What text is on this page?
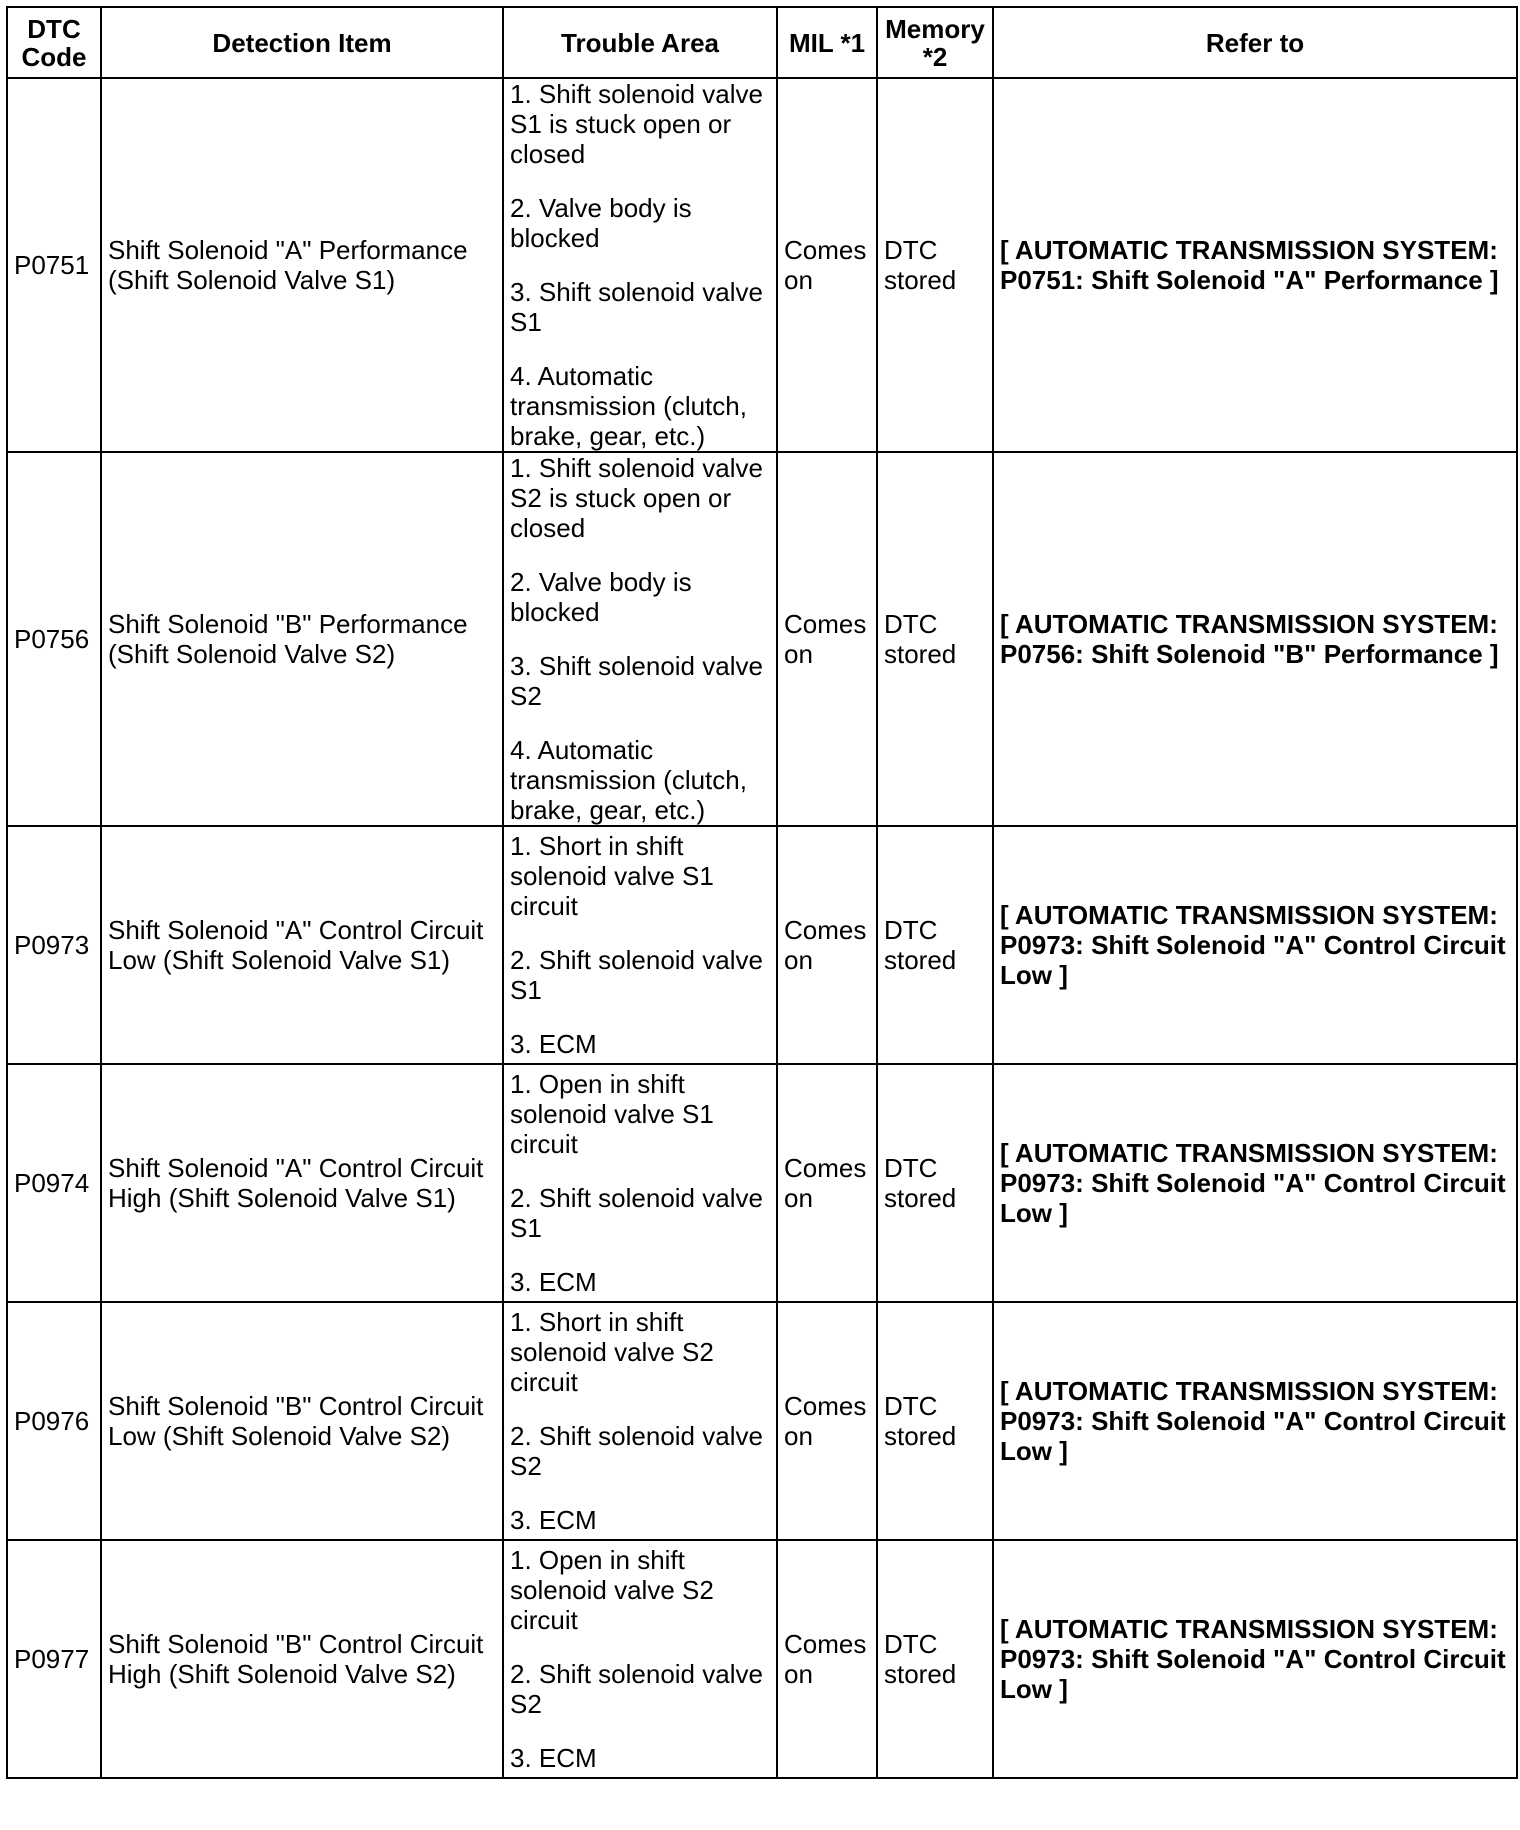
DTC Code	Detection Item	Trouble Area	MIL *1	Memory *2	Refer to
P0751	Shift Solenoid "A" Performance (Shift Solenoid Valve S1)	1. Shift solenoid valve S1 is stuck open or closed

2. Valve body is blocked

3. Shift solenoid valve S1

4. Automatic transmission (clutch, brake, gear, etc.)	Comes on	DTC stored	[ AUTOMATIC TRANSMISSION SYSTEM: P0751: Shift Solenoid "A" Performance ]
P0756	Shift Solenoid "B" Performance (Shift Solenoid Valve S2)	1. Shift solenoid valve S2 is stuck open or closed

2. Valve body is blocked

3. Shift solenoid valve S2

4. Automatic transmission (clutch, brake, gear, etc.)	Comes on	DTC stored	[ AUTOMATIC TRANSMISSION SYSTEM: P0756: Shift Solenoid "B" Performance ]
P0973	Shift Solenoid "A" Control Circuit Low (Shift Solenoid Valve S1)	1. Short in shift solenoid valve S1 circuit

2. Shift solenoid valve S1

3. ECM	Comes on	DTC stored	[ AUTOMATIC TRANSMISSION SYSTEM: P0973: Shift Solenoid "A" Control Circuit Low ]
P0974	Shift Solenoid "A" Control Circuit High (Shift Solenoid Valve S1)	1. Open in shift solenoid valve S1 circuit

2. Shift solenoid valve S1

3. ECM	Comes on	DTC stored	[ AUTOMATIC TRANSMISSION SYSTEM: P0973: Shift Solenoid "A" Control Circuit Low ]
P0976	Shift Solenoid "B" Control Circuit Low (Shift Solenoid Valve S2)	1. Short in shift solenoid valve S2 circuit

2. Shift solenoid valve S2

3. ECM	Comes on	DTC stored	[ AUTOMATIC TRANSMISSION SYSTEM: P0973: Shift Solenoid "A" Control Circuit Low ]
P0977	Shift Solenoid "B" Control Circuit High (Shift Solenoid Valve S2)	1. Open in shift solenoid valve S2 circuit

2. Shift solenoid valve S2

3. ECM	Comes on	DTC stored	[ AUTOMATIC TRANSMISSION SYSTEM: P0973: Shift Solenoid "A" Control Circuit Low ]
